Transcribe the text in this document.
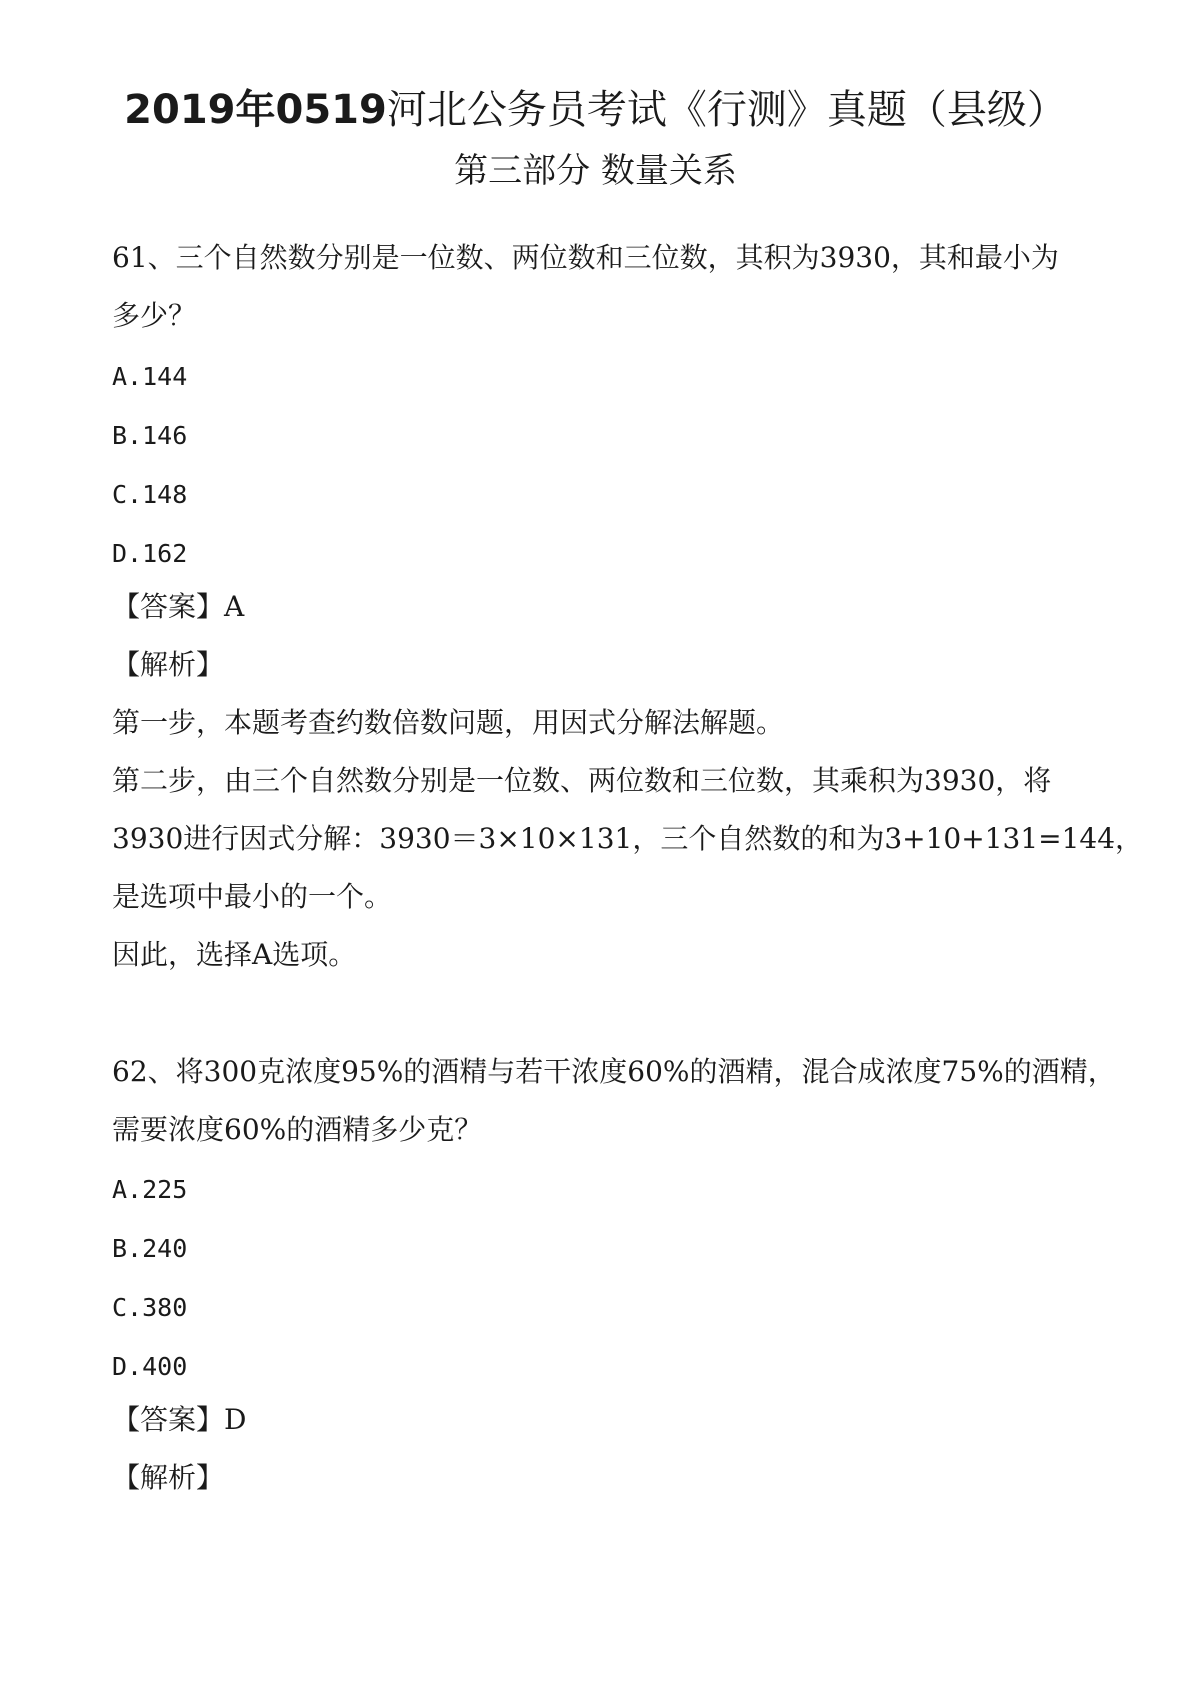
2019年0519河北公务员考试《行测》真题（县级）

第三部分 数量关系

61、三个自然数分别是一位数、两位数和三位数，其积为3930，其和最小为

多少？

A.144

B.146

C.148

D.162

【答案】A

【解析】

第一步，本题考查约数倍数问题，用因式分解法解题。

第二步，由三个自然数分别是一位数、两位数和三位数，其乘积为3930，将

3930进行因式分解：3930＝3×10×131，三个自然数的和为3+10+131=144，

是选项中最小的一个。

因此，选择A选项。

62、将300克浓度95%的酒精与若干浓度60%的酒精，混合成浓度75%的酒精，

需要浓度60%的酒精多少克？

A.225

B.240

C.380

D.400

【答案】D

【解析】
